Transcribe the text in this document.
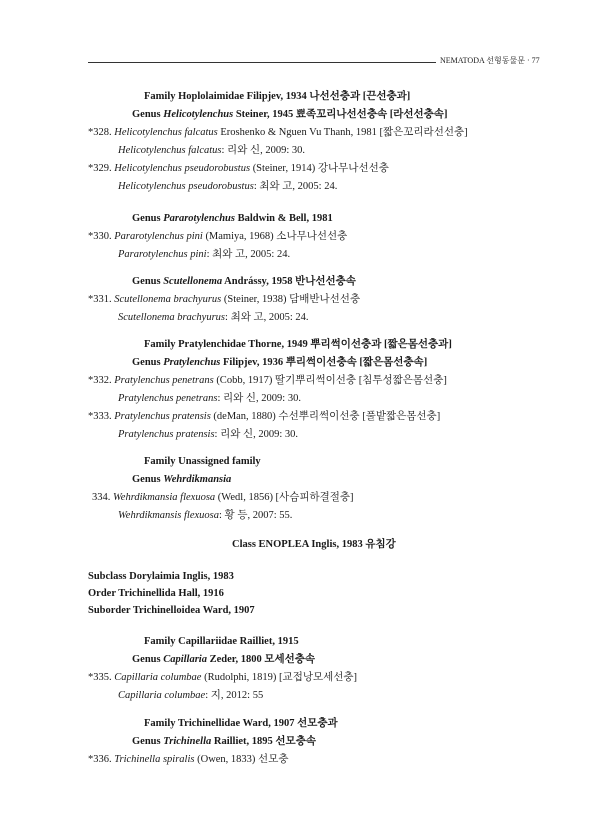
NEMATODA 선형동물문 · 77
Family Hoplolaimidae Filipjev, 1934 나선선충과 [끈선충과]
Genus Helicotylenchus Steiner, 1945 뾰족꼬리나선선충속 [라선선충속]
*328. Helicotylenchus falcatus Eroshenko & Nguen Vu Thanh, 1981 [짧은꼬리라선선충]
Helicotylenchus falcatus: 리와 신, 2009: 30.
*329. Helicotylenchus pseudorobustus (Steiner, 1914) 강나무나선선충
Helicotylenchus pseudorobustus: 최와 고, 2005: 24.
Genus Pararotylenchus Baldwin & Bell, 1981
*330. Pararotylenchus pini (Mamiya, 1968) 소나무나선선충
Pararotylenchus pini: 최와 고, 2005: 24.
Genus Scutellonema Andrássy, 1958 반나선선충속
*331. Scutellonema brachyurus (Steiner, 1938) 담배반나선선충
Scutellonema brachyurus: 최와 고, 2005: 24.
Family Pratylenchidae Thorne, 1949 뿌리썩이선충과 [짧은몸선충과]
Genus Pratylenchus Filipjev, 1936 뿌리썩이선충속 [짧은몸선충속]
*332. Pratylenchus penetrans (Cobb, 1917) 딸기뿌리썩이선충 [침투성짧은몸선충]
Pratylenchus penetrans: 리와 신, 2009: 30.
*333. Pratylenchus pratensis (deMan, 1880) 수선뿌리썩이선충 [풀밭짧은몸선충]
Pratylenchus pratensis: 리와 신, 2009: 30.
Family Unassigned family
Genus Wehrdikmansia
334. Wehrdikmansia flexuosa (Wedl, 1856) [사슴피하결절충]
Wehrdikmansis flexuosa: 황 등, 2007: 55.
Class ENOPLEA Inglis, 1983 유침강
Subclass Dorylaimia Inglis, 1983
Order Trichinellida Hall, 1916
Suborder Trichinelloidea Ward, 1907
Family Capillariidae Railliet, 1915
Genus Capillaria Zeder, 1800 모세선충속
*335. Capillaria columbae (Rudolphi, 1819) [교접낭모세선충]
Capillaria columbae: 지, 2012: 55
Family Trichinellidae Ward, 1907 선모충과
Genus Trichinella Railliet, 1895 선모충속
*336. Trichinella spiralis (Owen, 1833) 선모충
